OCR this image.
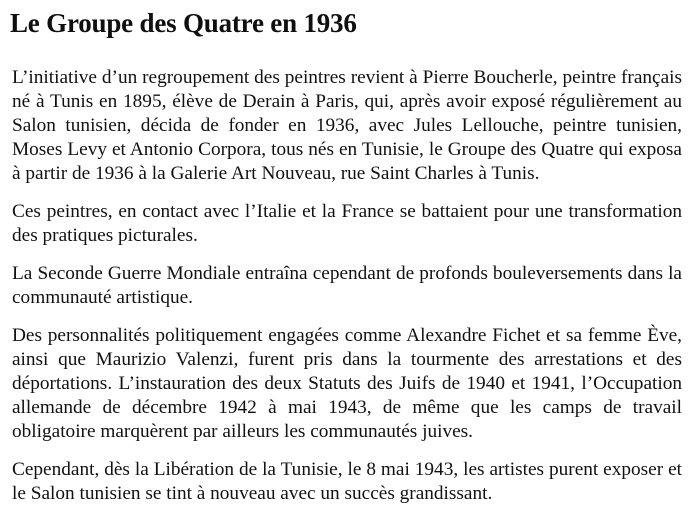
Le Groupe des Quatre en 1936

L’initiative d’un regroupement des peintres revient à Pierre Boucherle, peintre français né à Tunis en 1895, élève de Derain à Paris, qui, après avoir exposé régulièrement au Salon tunisien, décida de fonder en 1936, avec Jules Lellouche, peintre tunisien, Moses Levy et Antonio Corpora, tous nés en Tunisie, le Groupe des Quatre qui exposa à partir de 1936 à la Galerie Art Nouveau, rue Saint Charles à Tunis.

Ces peintres, en contact avec l’Italie et la France se battaient pour une transformation des pratiques picturales.

La Seconde Guerre Mondiale entraîna cependant de profonds bouleversements dans la communauté artistique.

Des personnalités politiquement engagées comme Alexandre Fichet et sa femme Ève, ainsi que Maurizio Valenzi, furent pris dans la tourmente des arrestations et des déportations. L’instauration des deux Statuts des Juifs de 1940 et 1941, l’Occupation allemande de décembre 1942 à mai 1943, de même que les camps de travail obligatoire marquèrent par ailleurs les communautés juives.

Cependant, dès la Libération de la Tunisie, le 8 mai 1943, les artistes purent exposer et le Salon tunisien se tint à nouveau avec un succès grandissant.
